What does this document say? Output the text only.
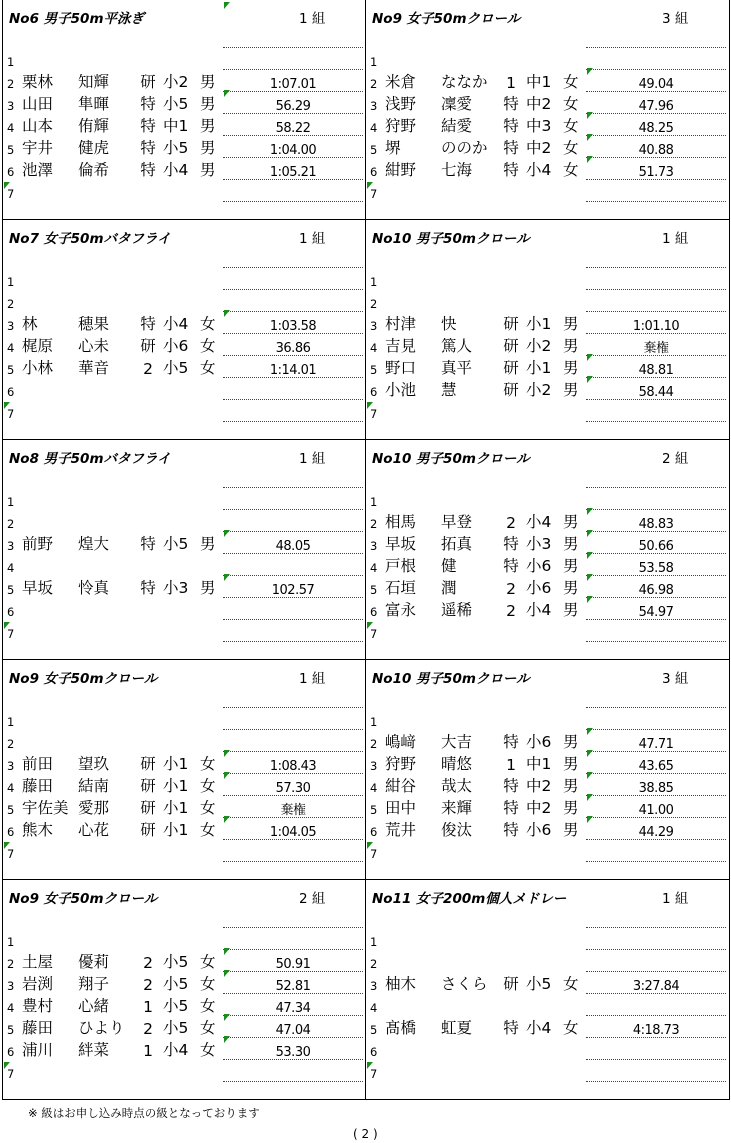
No6 男子50m平泳ぎ	1 組
1
2 栗林 知輝 研 小2 男	1:07.01
3 山田 隼暉 特 小5 男	56.29
4 山本 侑輝 特 中1 男	58.22
5 宇井 健虎 特 小5 男	1:04.00
6 池澤 倫希 特 小4 男	1:05.21
7
No9 女子50mクロール	3 組
1
2 米倉 ななか	1 中1 女	49.04
3 浅野 凜愛 特 中2 女	47.96
4 狩野 結愛 特 中3 女	48.25
5 堺	ののか 特 中2 女	40.88
6 紺野 七海 特 小4 女	51.73
7
No7 女子50mバタフライ	1 組
1
2
3 林	穂果 特 小4 女	1:03.58
4 梶原 心未 研 小6 女	36.86
5 小林 華音	2 小5 女	1:14.01
6
7
No10 男子50mクロール	1 組
1
2
3 村津 快	研 小1 男	1:01.10
4 吉見 篤人 研 小2 男	棄権
5 野口 真平 研 小1 男	48.81
6 小池 慧	研 小2 男	58.44
7
No8 男子50mバタフライ	1 組
1
2
3 前野 煌大 特 小5 男	48.05
4
5 早坂 怜真 特 小3 男	102.57
6
7
No10 男子50mクロール	2 組
1
2 相馬 早登	2 小4 男	48.83
3 早坂 拓真 特 小3 男	50.66
4 戸根 健	特 小6 男	53.58
5 石垣 潤	2 小6 男	46.98
6 富永 遥稀	2 小4 男	54.97
7
No9 女子50mクロール	1 組
1
2
3 前田 望玖 研 小1 女	1:08.43
4 藤田 結南 研 小1 女	57.30
5 宇佐美 愛那 研 小1 女	棄権
6 熊木 心花 研 小1 女	1:04.05
7
No10 男子50mクロール	3 組
1
2 嶋﨑 大吉 特 小6 男	47.71
3 狩野 晴悠	1 中1 男	43.65
4 紺谷 哉太 特 中2 男	38.85
5 田中 来輝 特 中2 男	41.00
6 荒井 俊汰 特 小6 男	44.29
7
No9 女子50mクロール	2 組
1
2 土屋 優莉	2 小5 女	50.91
3 岩渕 翔子	2 小5 女	52.81
4 豊村 心緒	1 小5 女	47.34
5 藤田 ひより	2 小5 女	47.04
6 浦川 絆菜	1 小4 女	53.30
7
No11 女子200m個人メドレー	1 組
1
2
3 柚木 さくら 研 小5 女	3:27.84
4
5 髙橋 虹夏 特 小4 女	4:18.73
6
7
※ 級はお申し込み時点の級となっております
( 2 )
